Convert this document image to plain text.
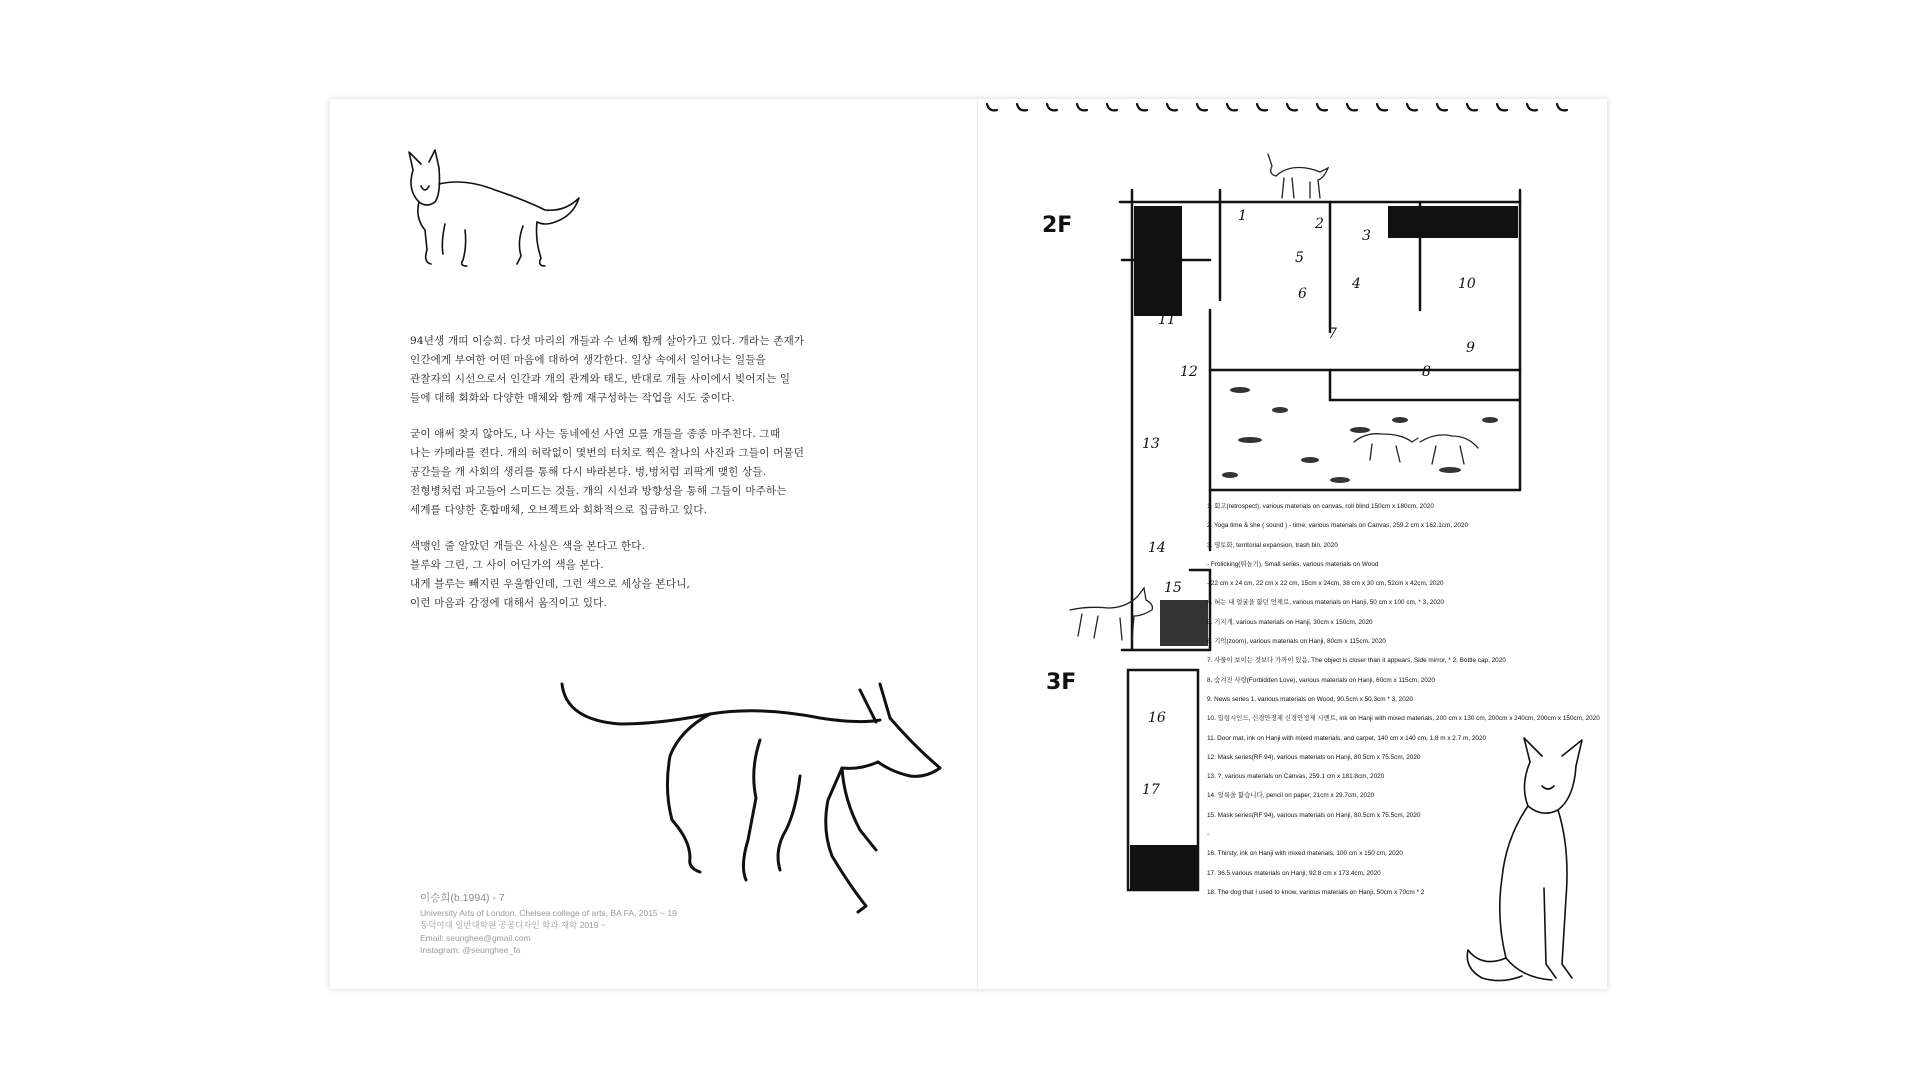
94년생 개띠 이승희. 다섯 마리의 개들과 수 년째 함께 살아가고 있다. 개라는 존재가
인간에게 부여한 어떤 마음에 대하여 생각한다. 일상 속에서 일어나는 일들을
관찰자의 시선으로서 인간과 개의 관계와 태도, 반대로 개들 사이에서 빚어지는 일
들에 대해 회화와 다양한 매체와 함께 재구성하는 작업을 시도 중이다.

굳이 애써 찾지 않아도, 나 사는 동네에선 사연 모를 개들을 종종 마주친다. 그때
나는 카메라를 켠다. 개의 허락없이 몇번의 터치로 찍은 찰나의 사진과 그들이 머물던
공간들을 개 사회의 생리를 통해 다시 바라본다. 벙,벙처럼 괴팍게 맺힌 상들.
전형병처럼 파고들어 스미드는 것들. 개의 시선과 방향성을 통해 그들이 마주하는
세계를 다양한 혼합매체, 오브젝트와 회화적으로 집금하고 있다.

색맹인 줄 알았던 개들은 사실은 색을 본다고 한다.
블루와 그린, 그 사이 어딘가의 색을 본다.
내게 블루는 빼지린 우울함인데, 그런 색으로 세상을 본다니,
이런 마음과 감정에 대해서 움직이고 있다.

이승희(b.1994) - 7
University Arts of London, Chelsea college of arts, BA FA, 2015 ~ 19
동덕여대 일반대학원 공공디자인 학과 재학 2019 ~
Email: seunghee@gmail.com
Instagram: @seunghee_fa
2F
3F
1	2
3
4
5
6
7
8
9
10
11
12
13
14
15
16
17
1. 회고(retrospect), various materials on canvas, roll blind 150cm x 180cm, 2020
2. Yoga time & she ( sound ) - time, various materials on Canvas, 259.2 cm x 162.1cm, 2020
3. 영토화, territorial expansion, trash bin, 2020
- Frolicking(뛰놀기), Small series, various materials on Wood
- 22 cm x 24 cm, 22 cm x 22 cm, 15cm x 24cm, 38 cm x 30 cm, 52cm x 42cm, 2020
4. 혀는 내 얼굴을 핥던 언제로, various materials on Hanji, 50 cm x 100 cm, * 3, 2020
5. 기지개, various materials on Hanji, 30cm x 150cm, 2020
6. 기억(zoom), various materials on Hanji, 80cm x 115cm, 2020
7. 사물이 보이는 것보다 가까이 있음, The object is closer than it appears, Side mirror, * 2, Bottle cap, 2020
8. 숨겨진 사랑(Forbidden Love), various materials on Hanji, 60cm x 115cm, 2020
9. News series 1, various materials on Wood, 90.5cm x 50.3cm * 3, 2020
10. 일렁시인드, 신경안정제 신경안정제 시멘트, ink on Hanji with mixed materials, 200 cm x 130 cm, 200cm x 240cm, 200cm x 150cm, 2020
11. Door mat, ink on Hanji with mixed materials, and carpet, 140 cm x 140 cm, 1.8 m x 2.7 m, 2020
12. Mask series(RF 94), various materials on Hanji, 80.5cm x 75.5cm, 2020
13. ?, various materials on Canvas, 259.1 cm x 181.8cm, 2020
14. 얼룩을 핥습니다, pencil on paper, 21cm x 29.7cm, 2020
15. Mask series(RF 94), various materials on Hanji, 80.5cm x 75.5cm, 2020
-
16. Thirsty, ink on Hanji with mixed materials, 100 cm x 150 cm, 2020
17. 36.5 various materials on Hanji, 92.8 cm x 173.4cm, 2020
18. The dog that I used to know, various materials on Hanji, 50cm x 70cm * 2
